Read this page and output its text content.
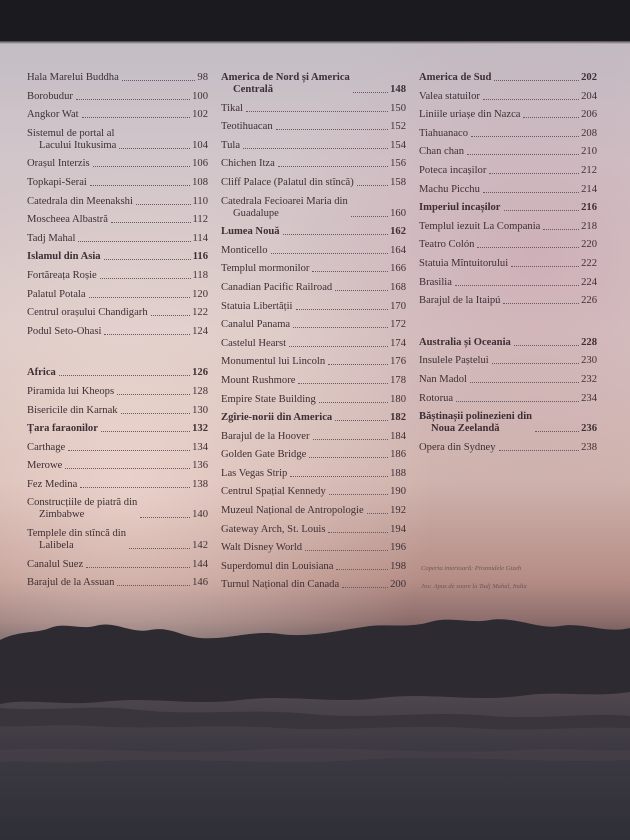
Hala Marelui Buddha	98
Borobudur	100
Angkor Wat	102
Sistemul de portal al
Lacului Itukusima	104
Orașul Interzis	106
Topkapi-Serai	108
Catedrala din Meenakshi	110
Moscheea Albastră	112
Tadj Mahal	114
Islamul din Asia	116
Fortăreața Roșie	118
Palatul Potala	120
Centrul orașului Chandigarh	122
Podul Seto-Ohasi	124
Africa	126
Piramida lui Kheops	128
Bisericile din Karnak	130
Țara faraonilor	132
Carthage	134
Merowe	136
Fez Medina	138
Construcțiile de piatră din
Zimbabwe	140
Templele din stîncă din
Lalibela	142
Canalul Suez	144
Barajul de la Assuan	146
America de Nord și America
Centrală	148
Tikal	150
Teotihuacan	152
Tula	154
Chichen Itza	156
Cliff Palace (Palatul din stîncă)	158
Catedrala Fecioarei Maria din
Guadalupe	160
Lumea Nouă	162
Monticello	164
Templul mormonilor	166
Canadian Pacific Railroad	168
Statuia Libertății	170
Canalul Panama	172
Castelul Hearst	174
Monumentul lui Lincoln	176
Mount Rushmore	178
Empire State Building	180
Zgîrie-norii din America	182
Barajul de la Hoover	184
Golden Gate Bridge	186
Las Vegas Strip	188
Centrul Spațial Kennedy	190
Muzeul Național de Antropologie 192
Gateway Arch, St. Louis	194
Walt Disney World	196
Superdomul din Louisiana	198
Turnul Național din Canada	200
America de Sud	202
Valea statuilor	204
Liniile uriașe din Nazca	206
Tiahuanaco	208
Chan chan	210
Poteca incașilor	212
Machu Picchu	214
Imperiul incașilor	216
Templul iezuit La Compania	218
Teatro Colón	220
Statuia Mîntuitorului	222
Brasilia	224
Barajul de la Itaipú	226
Australia și Oceania	228
Insulele Paștelui	230
Nan Madol	232
Rotorua	234
Băștinașii polinezieni din
Noua Zeelandă	236
Opera din Sydney	238
Coperta interioară: Piramidele Gizeh
Jos: Apus de soare la Tadj Mahal, India
